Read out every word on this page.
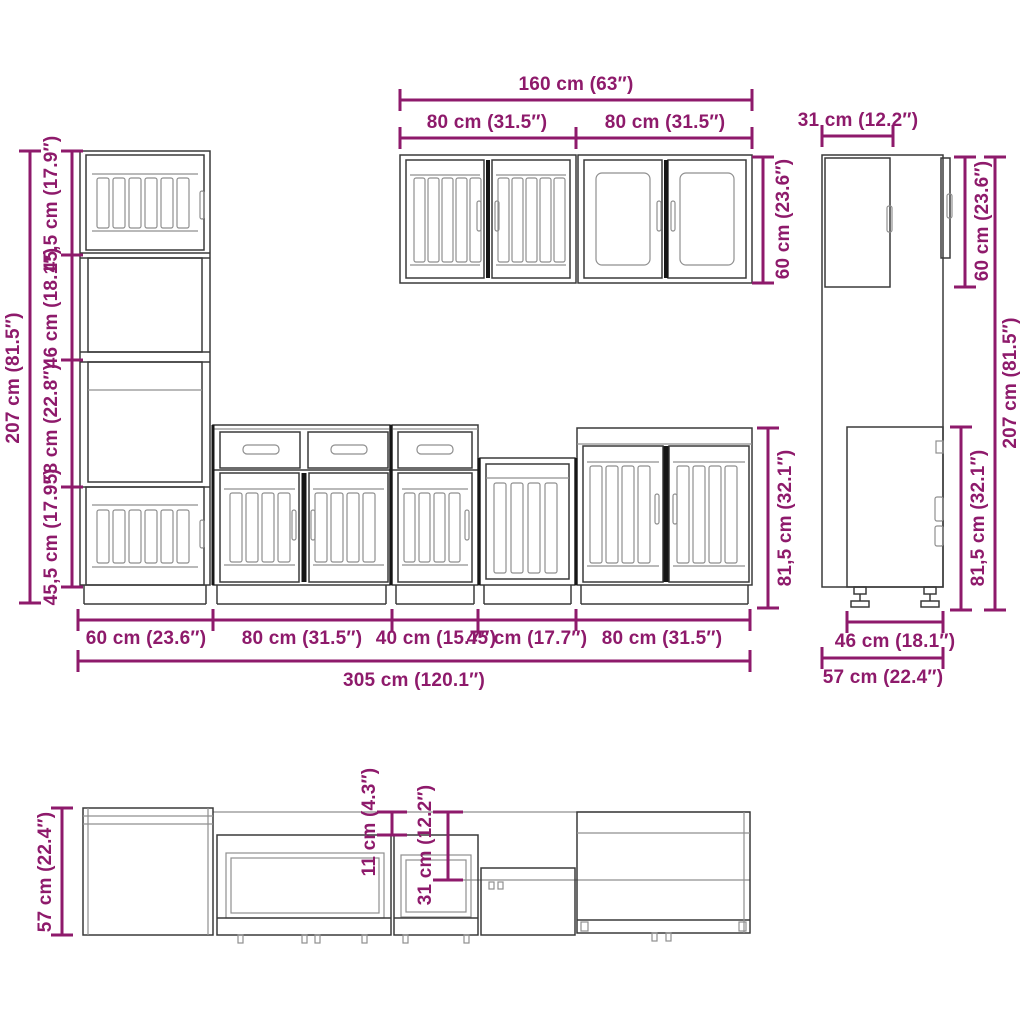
160 cm (63″)
80 cm (31.5″)	80 cm (31.5″)	31 cm (12.2″)
207 cm (81.5″)
45,5 cm (17.9″)
46 cm (18.1″)
58 cm (22.8″)
45,5 cm (17.9″)
60 cm (23.6″)	60 cm (23.6″)
207 cm (81.5″)
81,5 cm (32.1″)
81,5 cm (32.1″)
60 cm (23.6″) 80 cm (31.5″) 40 cm (15.7″)
45 cm (17.7″) 80 cm (31.5″)
305 cm (120.1″)
46 cm (18.1″)
57 cm (22.4″)
57 cm (22.4″)	11 cm (4.3″) 31 cm (12.2″)
